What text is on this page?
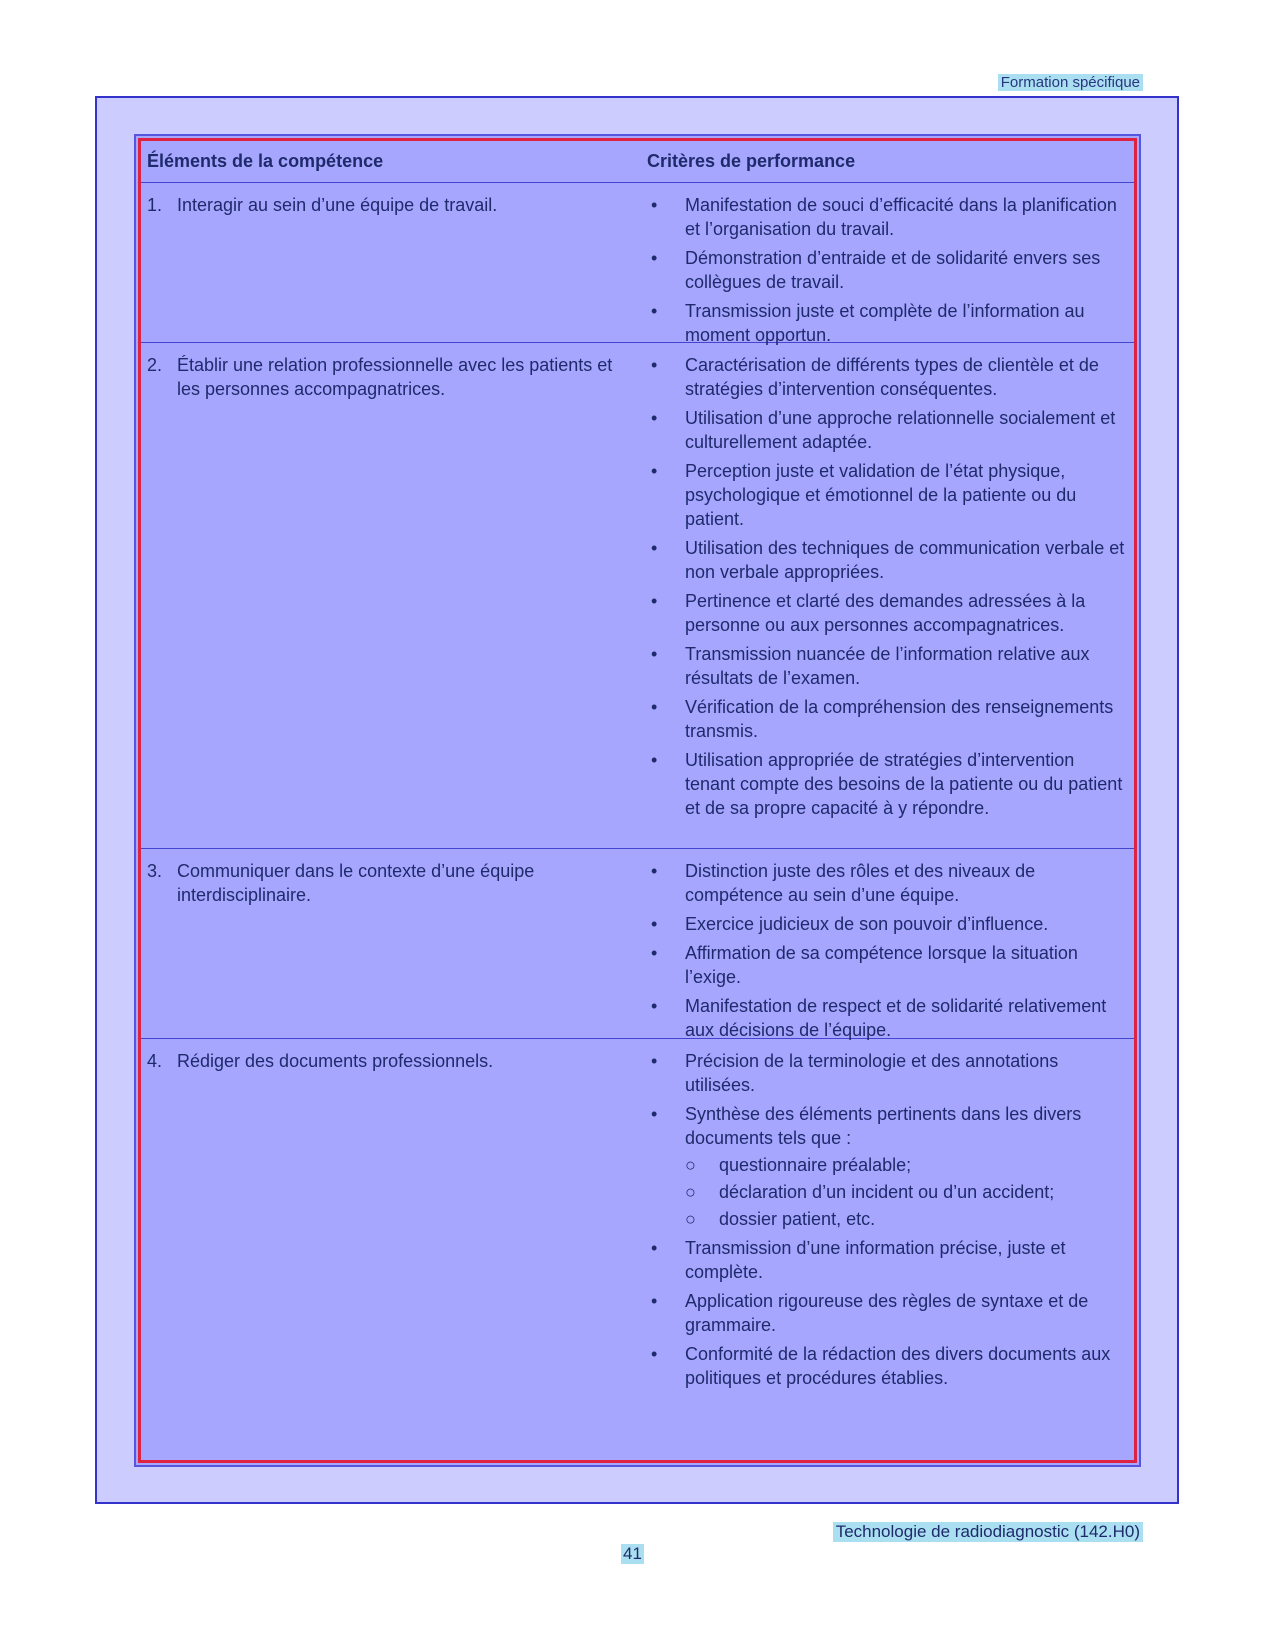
Formation spécifique
Éléments de la compétence	Critères de performance
1. Interagir au sein d’une équipe de travail.	• Manifestation de souci d’efficacité dans la planification et l’organisation du travail.
• Démonstration d’entraide et de solidarité envers ses collègues de travail.
• Transmission juste et complète de l’information au moment opportun.
2. Établir une relation professionnelle avec les patients et les personnes accompagnatrices.
• Caractérisation de différents types de clientèle et de stratégies d’intervention conséquentes.
• Utilisation d’une approche relationnelle socialement et culturellement adaptée.
• Perception juste et validation de l’état physique, psychologique et émotionnel de la patiente ou du patient.
• Utilisation des techniques de communication verbale et non verbale appropriées.
• Pertinence et clarté des demandes adressées à la personne ou aux personnes accompagnatrices.
• Transmission nuancée de l’information relative aux résultats de l’examen.
• Vérification de la compréhension des renseignements transmis.
• Utilisation appropriée de stratégies d’intervention tenant compte des besoins de la patiente ou du patient et de sa propre capacité à y répondre.
3. Communiquer dans le contexte d’une équipe interdisciplinaire.
• Distinction juste des rôles et des niveaux de compétence au sein d’une équipe.
• Exercice judicieux de son pouvoir d’influence.
• Affirmation de sa compétence lorsque la situation l’exige.
• Manifestation de respect et de solidarité relativement aux décisions de l’équipe.
4. Rédiger des documents professionnels.	• Précision de la terminologie et des annotations utilisées.
• Synthèse des éléments pertinents dans les divers documents tels que :
○ questionnaire préalable;
○ déclaration d’un incident ou d’un accident;
○ dossier patient, etc.
• Transmission d’une information précise, juste et complète.
• Application rigoureuse des règles de syntaxe et de grammaire.
• Conformité de la rédaction des divers documents aux politiques et procédures établies.
Technologie de radiodiagnostic (142.H0)
41
